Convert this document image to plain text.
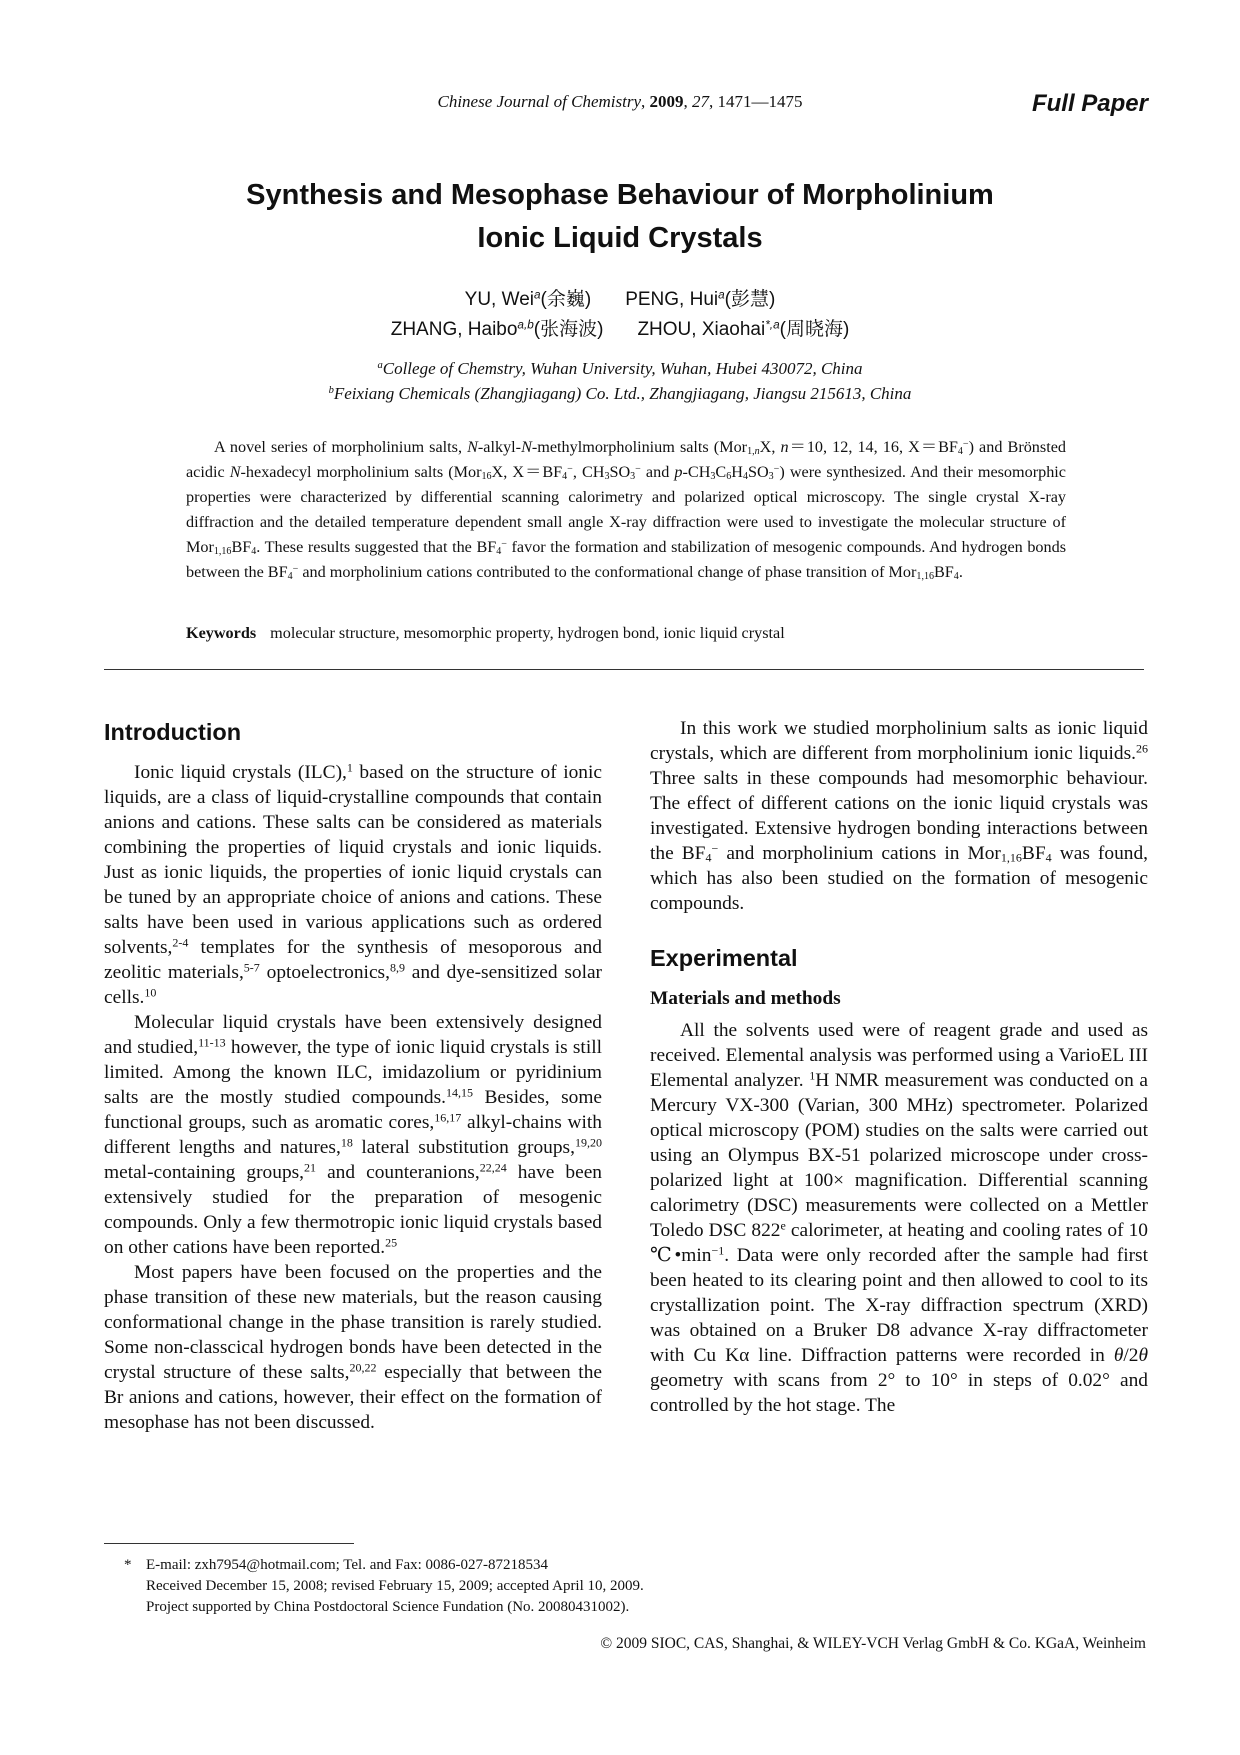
Chinese Journal of Chemistry, 2009, 27, 1471—1475	Full Paper
Synthesis and Mesophase Behaviour of Morpholinium
Ionic Liquid Crystals
YU, Wei$^a$(余巍) PENG, Hui$^a$(彭慧)
ZHANG, Haibo$^{a,b}$(张海波) ZHOU, Xiaohai$^{*,a}$(周晓海)
$^a$College of Chemstry, Wuhan University, Wuhan, Hubei 430072, China
$^b$Feixiang Chemicals (Zhangjiagang) Co. Ltd., Zhangjiagang, Jiangsu 215613, China

A novel series of morpholinium salts, N-alkyl-N-methylmorpholinium salts (Mor$_{1,n}$X, n＝10, 12, 14, 16, $X=BF_4^-$) and Brönsted acidic N-hexadecyl morpholinium salts (Mor$_{16}$X, $X=BF_4^-$, $CH_3SO_3^-$ and $p-CH_3C_6H_4SO_3^-$) were synthesized. And their mesomorphic properties were characterized by differential scanning calorimetry and polarized optical microscopy. The single crystal X-ray diffraction and the detailed temperature dependent small angle X-ray diffraction were used to investigate the molecular structure of $Mor_{1,16}BF_4$. These results suggested that the $BF_4^-$ favor the formation and stabilization of mesogenic compounds. And hydrogen bonds between the $BF_4^-$ and morpholinium cations contributed to the conformational change of phase transition of $Mor_{1,16}BF_4$.

Keywords molecular structure, mesomorphic property, hydrogen bond, ionic liquid crystal
Introduction

Ionic liquid crystals (ILC),$^1$ based on the structure of ionic liquids, are a class of liquid-crystalline compounds that contain anions and cations. These salts can be considered as materials combining the properties of liquid crystals and ionic liquids. Just as ionic liquids, the properties of ionic liquid crystals can be tuned by an appropriate choice of anions and cations. These salts have been used in various applications such as ordered solvents,$^{2-4}$ templates for the synthesis of mesoporous and zeolitic materials,$^{5-7}$ optoelectronics,$^{8,9}$ and dye-sensitized solar cells.$^{10}$

Molecular liquid crystals have been extensively designed and studied,$^{11-13}$ however, the type of ionic liquid crystals is still limited. Among the known ILC, imidazolium or pyridinium salts are the mostly studied compounds.$^{14,15}$ Besides, some functional groups, such as aromatic cores,$^{16,17}$ alkyl-chains with different lengths and natures,$^{18}$ lateral substitution groups,$^{19,20}$ metal-containing groups,$^{21}$ and counteranions,$^{22,24}$ have been extensively studied for the preparation of mesogenic compounds. Only a few thermotropic ionic liquid crystals based on other cations have been reported.$^{25}$

Most papers have been focused on the properties and the phase transition of these new materials, but the reason causing conformational change in the phase transition is rarely studied. Some non-classcical hydrogen bonds have been detected in the crystal structure of these salts,$^{20,22}$ especially that between the Br anions and cations, however, their effect on the formation of mesophase has not been discussed.

In this work we studied morpholinium salts as ionic liquid crystals, which are different from morpholinium ionic liquids.$^{26}$ Three salts in these compounds had mesomorphic behaviour. The effect of different cations on the ionic liquid crystals was investigated. Extensive hydrogen bonding interactions between the $BF_4^-$ and morpholinium cations in $Mor_{1,16}BF_4$ was found, which has also been studied on the formation of mesogenic compounds.

Experimental
Materials and methods

All the solvents used were of reagent grade and used as received. Elemental analysis was performed using a VarioEL III Elemental analyzer. $^1$H NMR measurement was conducted on a Mercury VX-300 (Varian, 300 MHz) spectrometer. Polarized optical microscopy (POM) studies on the salts were carried out using an Olympus BX-51 polarized microscope under cross-polarized light at 100× magnification. Differential scanning calorimetry (DSC) measurements were collected on a Mettler Toledo DSC 822e calorimeter, at heating and cooling rates of 10 $℃•\min^{-1}$. Data were only recorded after the sample had first been heated to its clearing point and then allowed to cool to its crystallization point. The X-ray diffraction spectrum (XRD) was obtained on a Bruker D8 advance X-ray diffractometer with Cu Kα line. Diffraction patterns were recorded in θ/2θ geometry with scans from 2° to 10° in steps of 0.02° and controlled by the hot stage. The

* E-mail: zxh7954@hotmail.com; Tel. and Fax: 0086-027-87218534
Received December 15, 2008; revised February 15, 2009; accepted April 10, 2009.
Project supported by China Postdoctoral Science Fundation (No. 20080431002).
© 2009 SIOC, CAS, Shanghai, & WILEY-VCH Verlag GmbH & Co. KGaA, Weinheim
